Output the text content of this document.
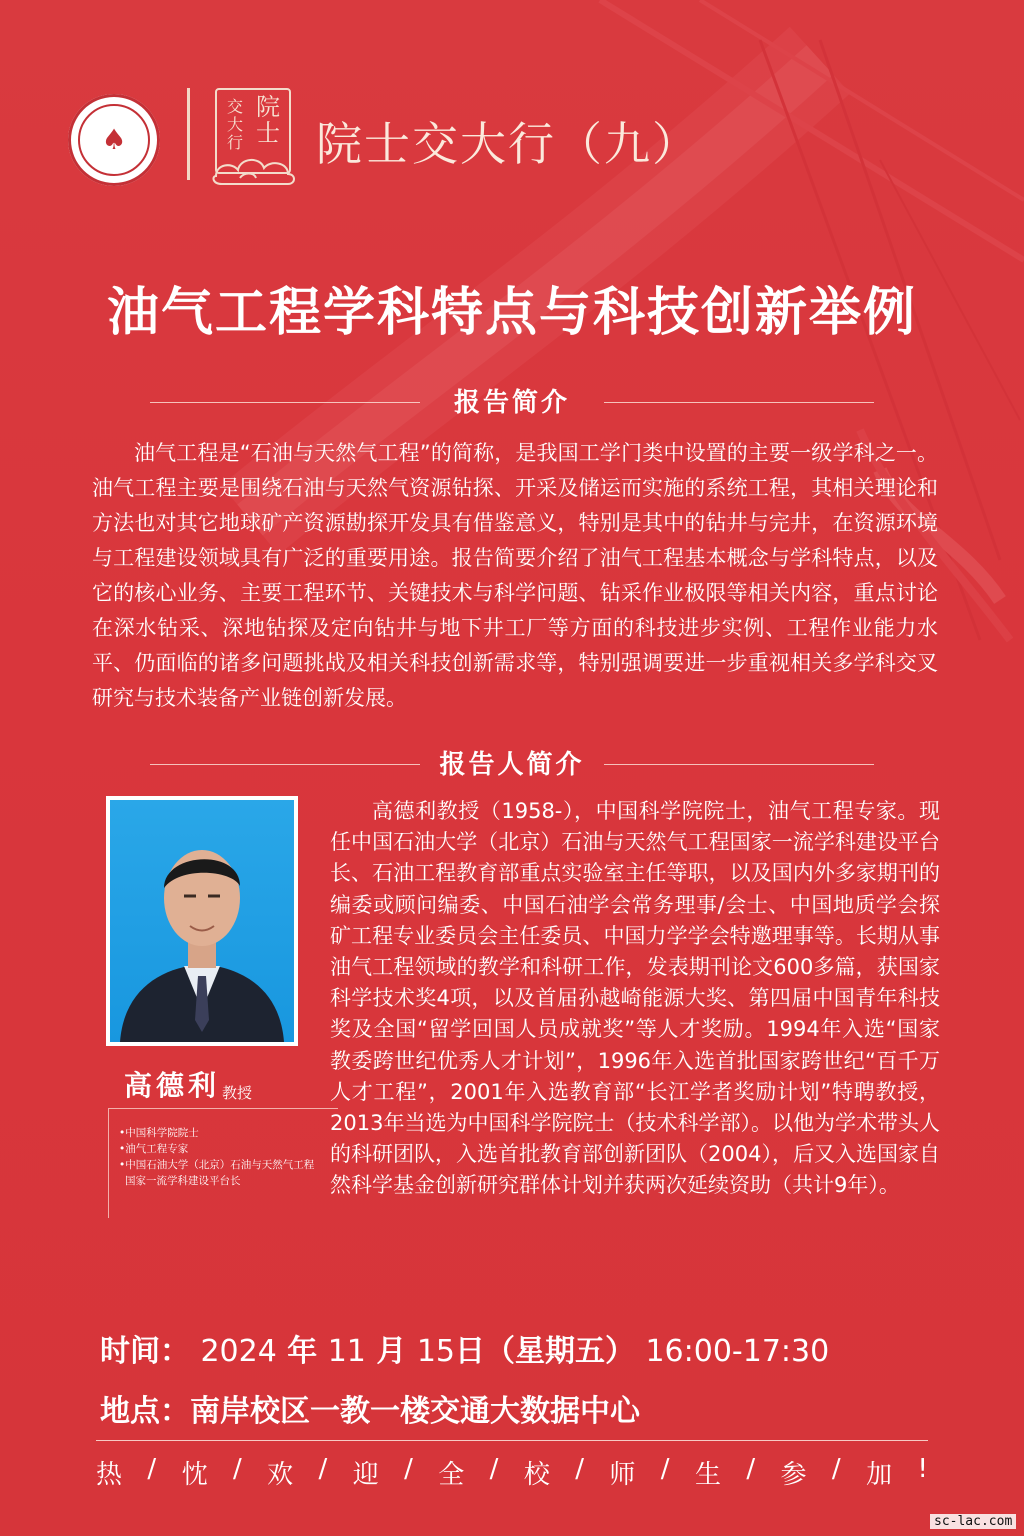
♠
院士
交大行 院士交大行（九）
油气工程学科特点与科技创新举例
报告简介

油气工程是“石油与天然气工程”的简称，是我国工学门类中设置的主要一级学科之一。油气工程主要是围绕石油与天然气资源钻探、开采及储运而实施的系统工程，其相关理论和方法也对其它地球矿产资源勘探开发具有借鉴意义，特别是其中的钻井与完井，在资源环境与工程建设领域具有广泛的重要用途。报告简要介绍了油气工程基本概念与学科特点，以及它的核心业务、主要工程环节、关键技术与科学问题、钻采作业极限等相关内容，重点讨论在深水钻采、深地钻探及定向钻井与地下井工厂等方面的科技进步实例、工程作业能力水平、仍面临的诸多问题挑战及相关科技创新需求等，特别强调要进一步重视相关多学科交叉研究与技术装备产业链创新发展。

报告人简介
高德利 教授
•中国科学院院士
•油气工程专家
•中国石油大学（北京）石油与天然气工程
国家一流学科建设平台长

高德利教授（1958-），中国科学院院士，油气工程专家。现任中国石油大学（北京）石油与天然气工程国家一流学科建设平台长、石油工程教育部重点实验室主任等职，以及国内外多家期刊的编委或顾问编委、中国石油学会常务理事/会士、中国地质学会探矿工程专业委员会主任委员、中国力学学会特邀理事等。长期从事油气工程领域的教学和科研工作，发表期刊论文600多篇，获国家科学技术奖4项，以及首届孙越崎能源大奖、第四届中国青年科技奖及全国“留学回国人员成就奖”等人才奖励。1994年入选“国家教委跨世纪优秀人才计划”，1996年入选首批国家跨世纪“百千万人才工程”，2001年入选教育部“长江学者奖励计划”特聘教授，2013年当选为中国科学院院士（技术科学部）。以他为学术带头人的科研团队，入选首批教育部创新团队（2004），后又入选国家自然科学基金创新研究群体计划并获两次延续资助（共计9年）。

时间： 2024 年 11 月 15日（星期五） 16:00-17:30
地点：南岸校区一教一楼交通大数据中心
热 / 忱 / 欢 / 迎 / 全 / 校 / 师 / 生 / 参 / 加 !
sc-lac.com
